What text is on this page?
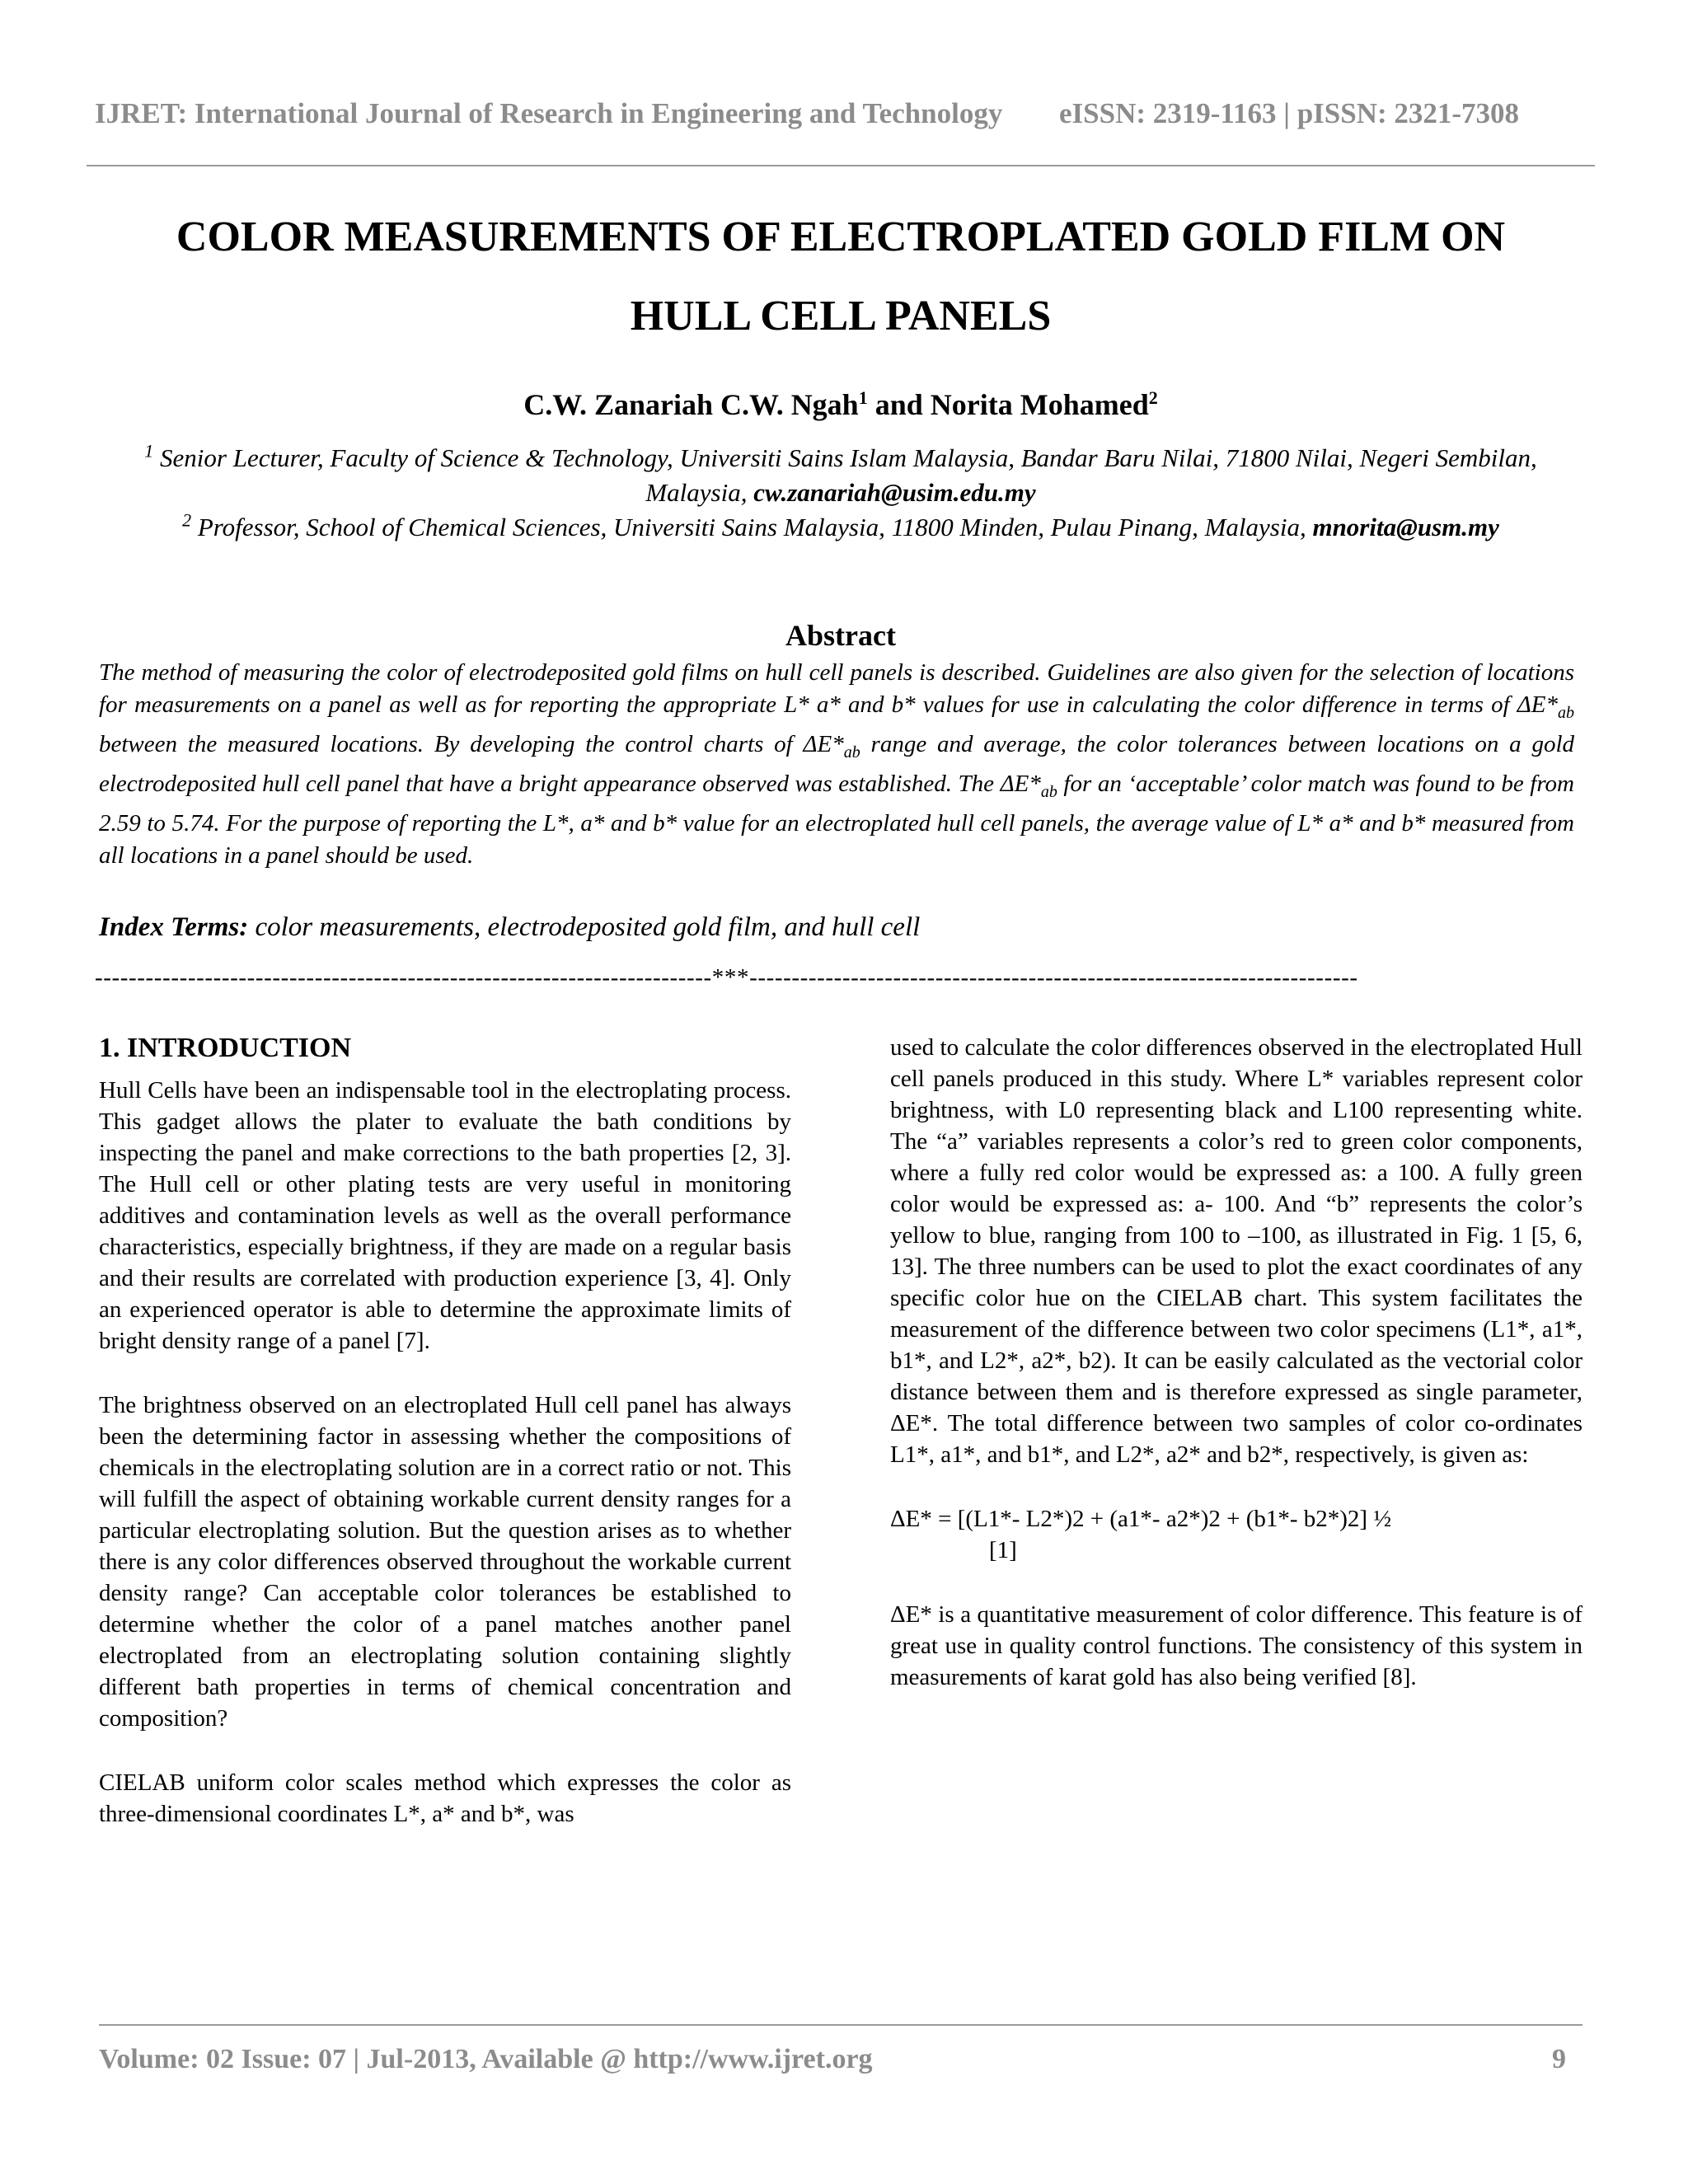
IJRET: International Journal of Research in Engineering and Technology eISSN: 2319-1163 | pISSN: 2321-7308
COLOR MEASUREMENTS OF ELECTROPLATED GOLD FILM ON
HULL CELL PANELS
C.W. Zanariah C.W. Ngah$^1$ and Norita Mohamed$^2$
$^1$ Senior Lecturer, Faculty of Science & Technology, Universiti Sains Islam Malaysia, Bandar Baru Nilai, 71800 Nilai, Negeri Sembilan, Malaysia, cw.zanariah@usim.edu.my
$^2$ Professor, School of Chemical Sciences, Universiti Sains Malaysia, 11800 Minden, Pulau Pinang, Malaysia, mnorita@usm.my
Abstract

The method of measuring the color of electrodeposited gold films on hull cell panels is described. Guidelines are also given for the selection of locations for measurements on a panel as well as for reporting the appropriate L* a* and b* values for use in calculating the color difference in terms of $\Delta E*_{ab}$ between the measured locations. By developing the control charts of $\Delta E*_{ab}$ range and average, the color tolerances between locations on a gold electrodeposited hull cell panel that have a bright appearance observed was established. The $\Delta E*_{ab}$ for an ‘acceptable’ color match was found to be from 2.59 to 5.74. For the purpose of reporting the L*, a* and b* value for an electroplated hull cell panels, the average value of L* a* and b* measured from all locations in a panel should be used.

Index Terms: color measurements, electrodeposited gold film, and hull cell
-------------------------------------------------------------------------***------------------------------------------------------------------------
1. INTRODUCTION

Hull Cells have been an indispensable tool in the electroplating process. This gadget allows the plater to evaluate the bath conditions by inspecting the panel and make corrections to the bath properties [2, 3]. The Hull cell or other plating tests are very useful in monitoring additives and contamination levels as well as the overall performance characteristics, especially brightness, if they are made on a regular basis and their results are correlated with production experience [3, 4]. Only an experienced operator is able to determine the approximate limits of bright density range of a panel [7].

The brightness observed on an electroplated Hull cell panel has always been the determining factor in assessing whether the compositions of chemicals in the electroplating solution are in a correct ratio or not. This will fulfill the aspect of obtaining workable current density ranges for a particular electroplating solution. But the question arises as to whether there is any color differences observed throughout the workable current density range? Can acceptable color tolerances be established to determine whether the color of a panel matches another panel electroplated from an electroplating solution containing slightly different bath properties in terms of chemical concentration and composition?

CIELAB uniform color scales method which expresses the color as three-dimensional coordinates L*, a* and b*, was

used to calculate the color differences observed in the electroplated Hull cell panels produced in this study. Where L* variables represent color brightness, with L0 representing black and L100 representing white. The “a” variables represents a color’s red to green color components, where a fully red color would be expressed as: a 100. A fully green color would be expressed as: a- 100. And “b” represents the color’s yellow to blue, ranging from 100 to –100, as illustrated in Fig. 1 [5, 6, 13]. The three numbers can be used to plot the exact coordinates of any specific color hue on the CIELAB chart. This system facilitates the measurement of the difference between two color specimens (L1*, a1*, b1*, and L2*, a2*, b2). It can be easily calculated as the vectorial color distance between them and is therefore expressed as single parameter, ΔE*. The total difference between two samples of color co-ordinates L1*, a1*, and b1*, and L2*, a2* and b2*, respectively, is given as:

ΔE* = [(L1*- L2*)2 + (a1*- a2*)2 + (b1*- b2*)2] ½
[1]

ΔE* is a quantitative measurement of color difference. This feature is of great use in quality control functions. The consistency of this system in measurements of karat gold has also being verified [8].

Volume: 02 Issue: 07 | Jul-2013, Available @ http://www.ijret.org	9
